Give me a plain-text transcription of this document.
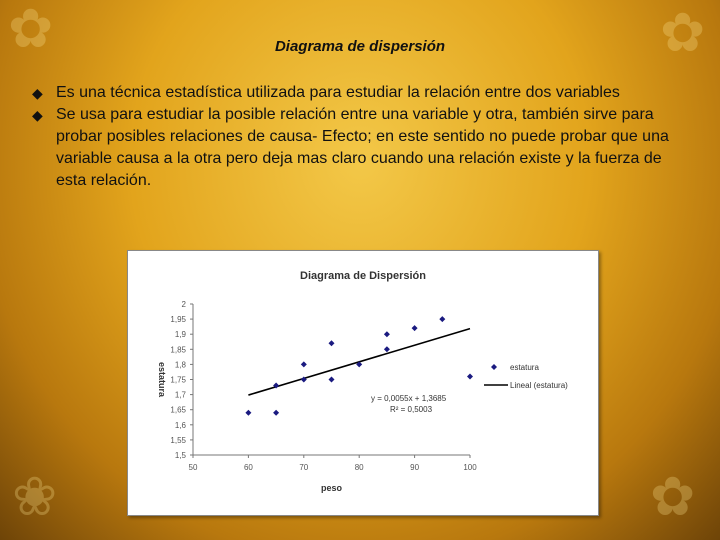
✿	✿
❀	✿
Diagrama de dispersión
◆ Es una técnica estadística utilizada para estudiar la relación entre dos variables
◆ Se usa para estudiar la posible relación entre una variable y otra, también sirve para probar posibles relaciones de causa- Efecto; en este sentido no puede probar que una variable causa a la otra pero deja mas claro cuando una relación existe y la fuerza de esta relación.
Diagrama de Dispersión
1,5
1,55
1,6
1,65
1,7
1,75
1,8
1,85
1,9
1,95
2
50	60	70	80	90	100
peso
estatura
y = 0,0055x + 1,3685
R² = 0,5003
estatura
Lineal (estatura)
